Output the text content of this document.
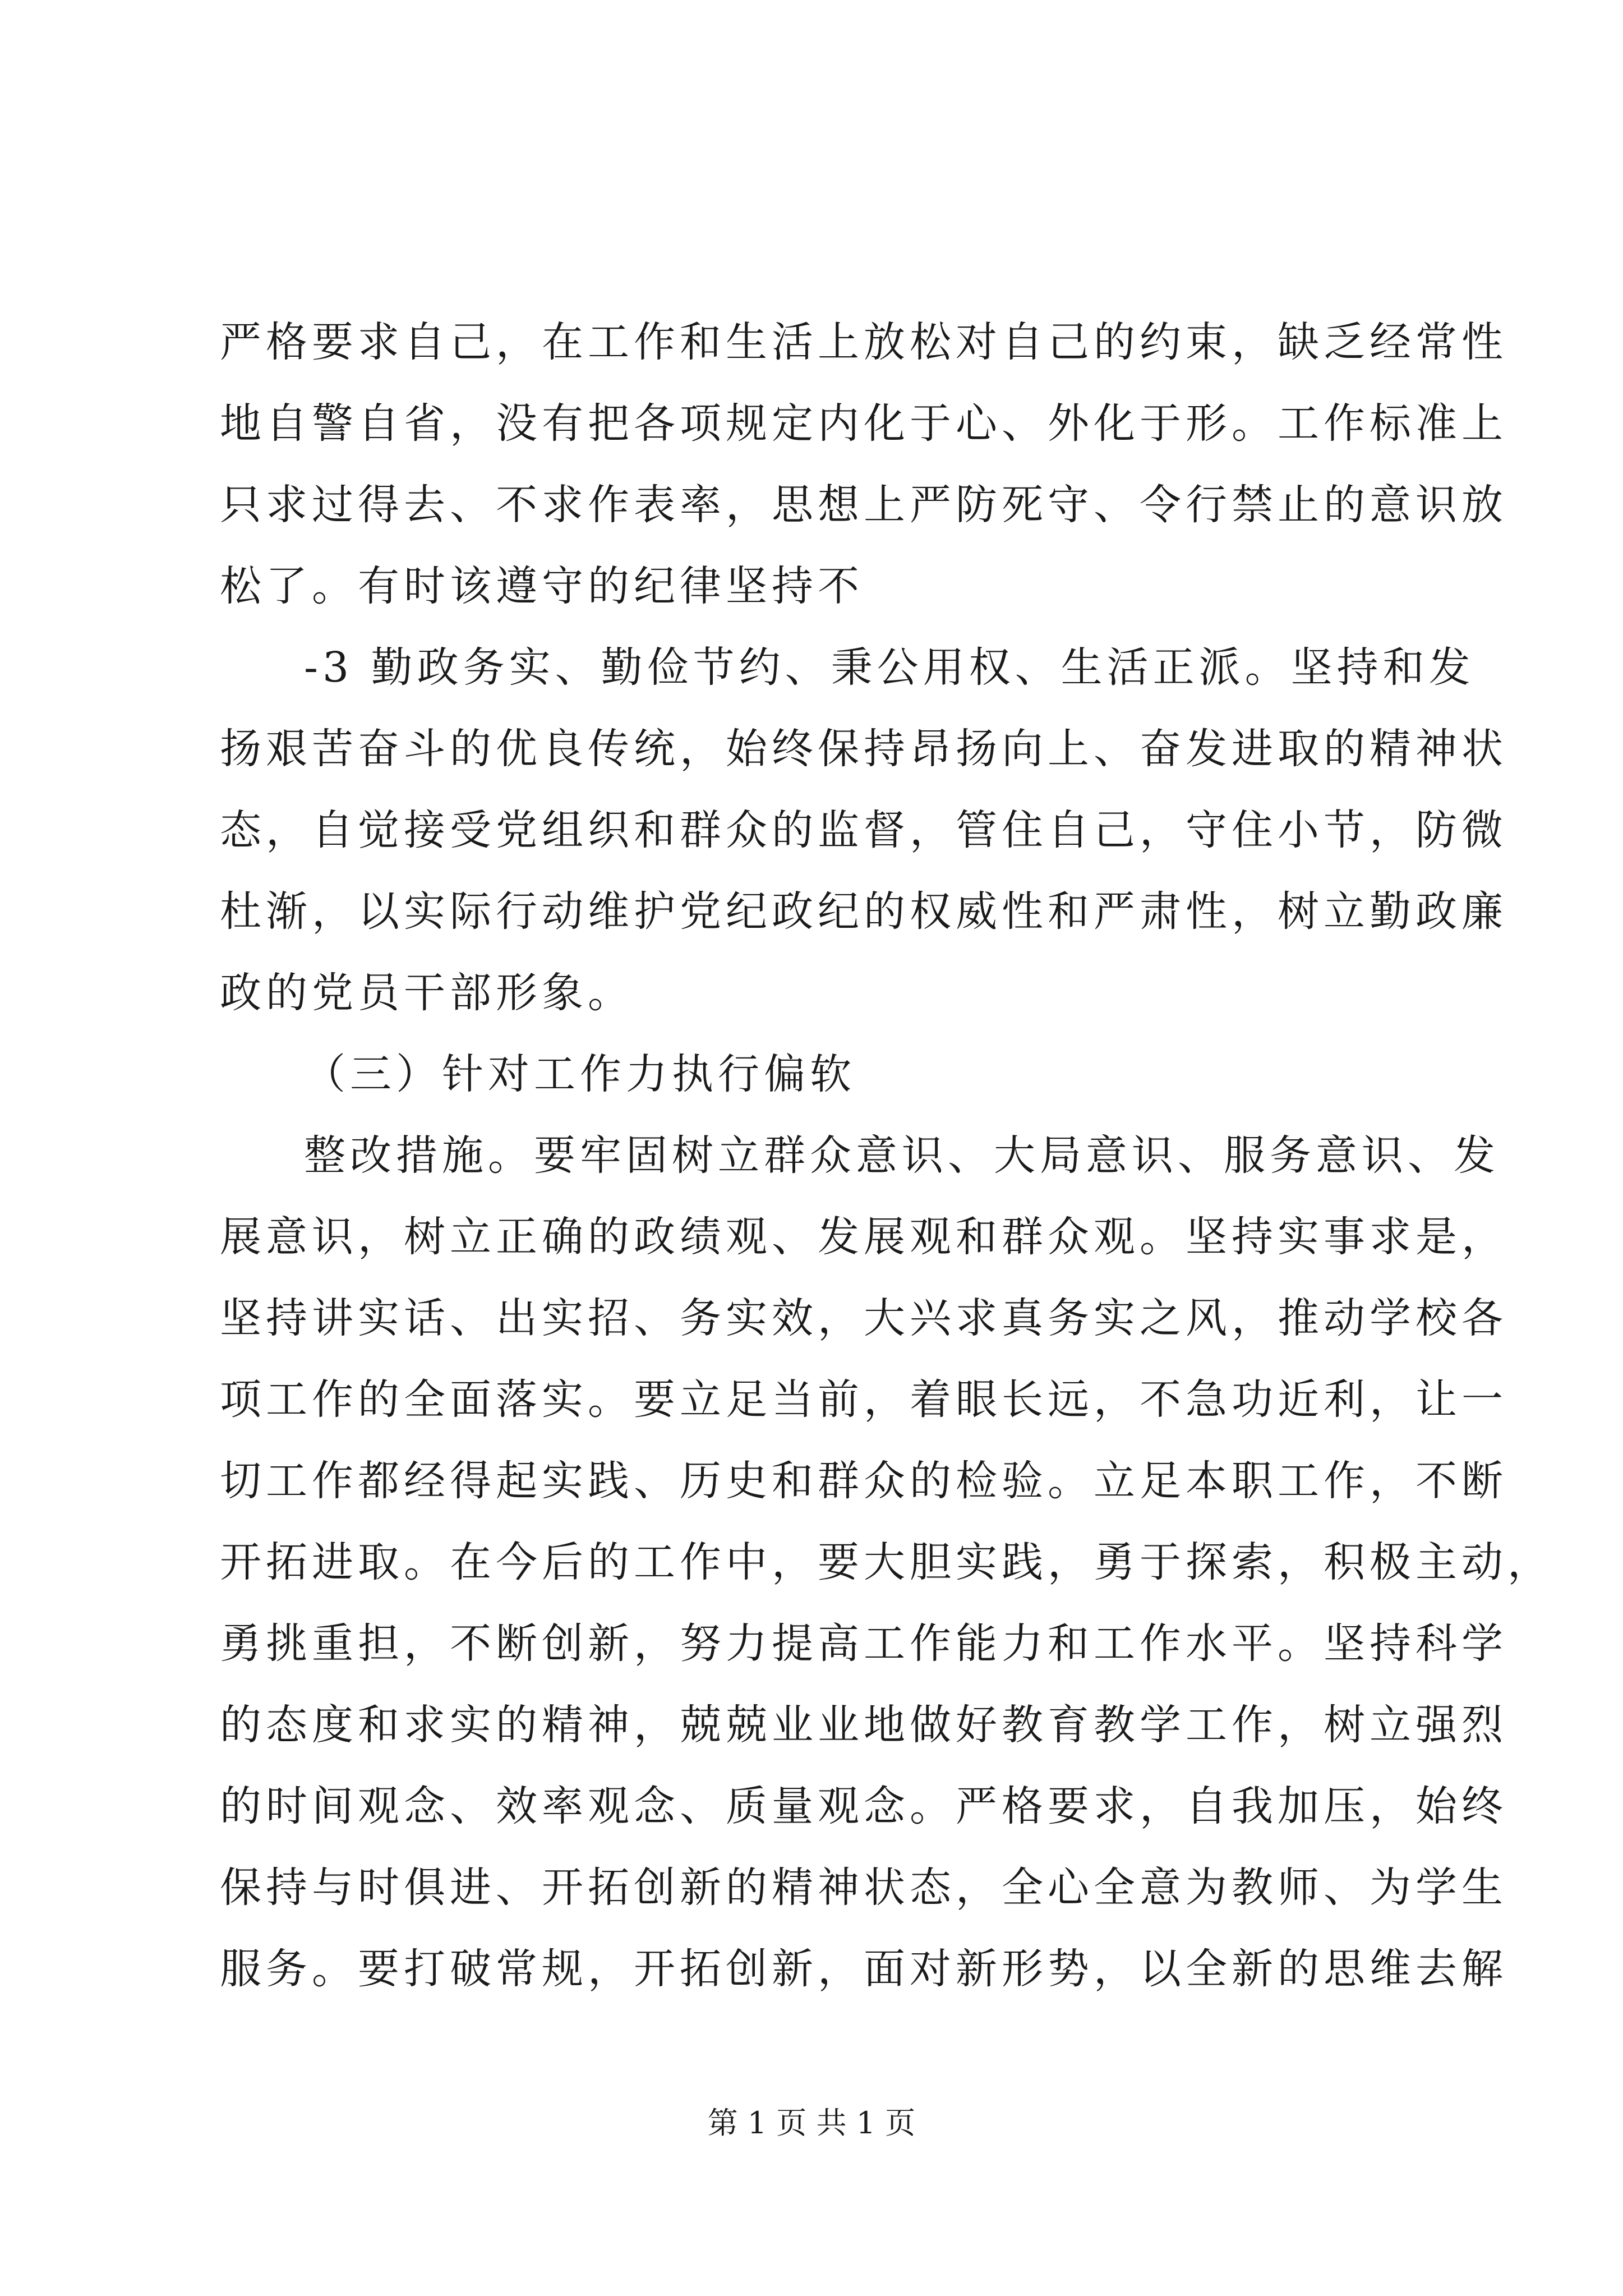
严格要求自己，在工作和生活上放松对自己的约束，缺乏经常性
地自警自省，没有把各项规定内化于心、外化于形。工作标准上
只求过得去、不求作表率，思想上严防死守、令行禁止的意识放
松了。有时该遵守的纪律坚持不

-3 勤政务实、勤俭节约、秉公用权、生活正派。坚持和发
扬艰苦奋斗的优良传统，始终保持昂扬向上、奋发进取的精神状
态，自觉接受党组织和群众的监督，管住自己，守住小节，防微
杜渐，以实际行动维护党纪政纪的权威性和严肃性，树立勤政廉
政的党员干部形象。

（三）针对工作力执行偏软

整改措施。要牢固树立群众意识、大局意识、服务意识、发
展意识，树立正确的政绩观、发展观和群众观。坚持实事求是，
坚持讲实话、出实招、务实效，大兴求真务实之风，推动学校各
项工作的全面落实。要立足当前，着眼长远，不急功近利，让一
切工作都经得起实践、历史和群众的检验。立足本职工作，不断
开拓进取。在今后的工作中，要大胆实践，勇于探索，积极主动，
勇挑重担，不断创新，努力提高工作能力和工作水平。坚持科学
的态度和求实的精神，兢兢业业地做好教育教学工作，树立强烈
的时间观念、效率观念、质量观念。严格要求，自我加压，始终
保持与时俱进、开拓创新的精神状态，全心全意为教师、为学生
服务。要打破常规，开拓创新，面对新形势，以全新的思维去解

第 1 页 共 1 页
